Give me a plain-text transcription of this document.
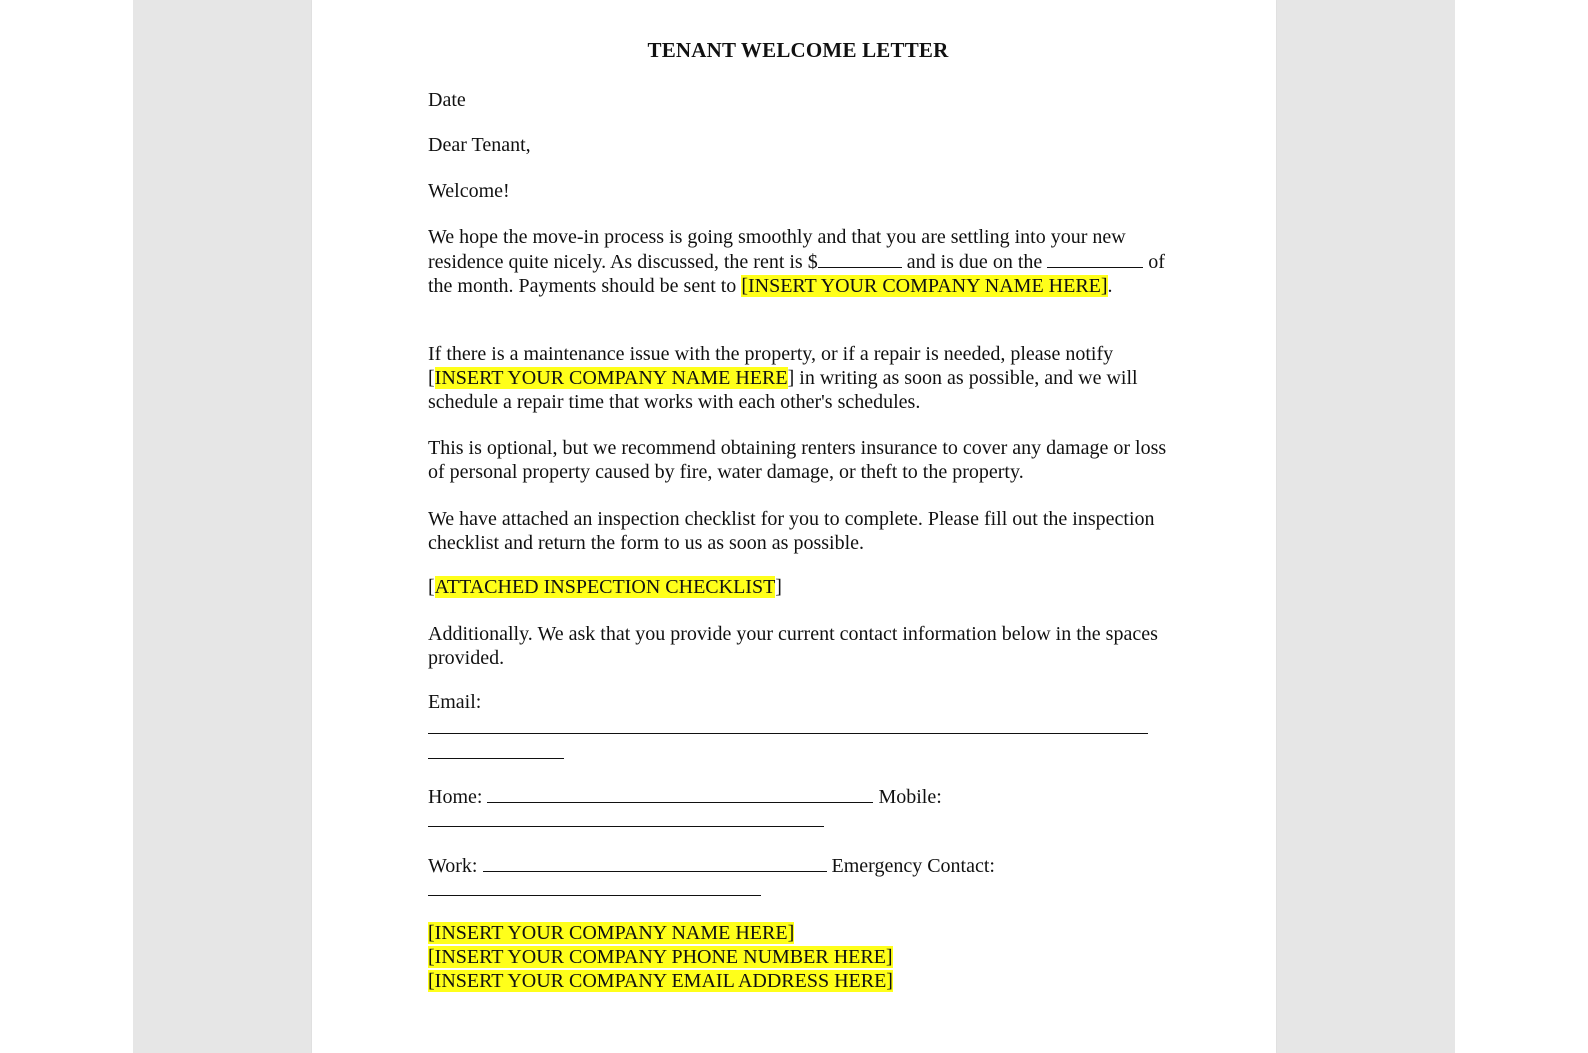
TENANT WELCOME LETTER

Date

Dear Tenant,

Welcome!

We hope the move-in process is going smoothly and that you are settling into your new residence quite nicely. As discussed, the rent is $	and is due on the	of the month. Payments should be sent to [INSERT YOUR COMPANY NAME HERE].

If there is a maintenance issue with the property, or if a repair is needed, please notify [INSERT YOUR COMPANY NAME HERE] in writing as soon as possible, and we will schedule a repair time that works with each other's schedules.

This is optional, but we recommend obtaining renters insurance to cover any damage or loss of personal property caused by fire, water damage, or theft to the property.

We have attached an inspection checklist for you to complete. Please fill out the inspection checklist and return the form to us as soon as possible.

[ATTACHED INSPECTION CHECKLIST]

Additionally. We ask that you provide your current contact information below in the spaces provided.

Email:

Home:	Mobile:

Work:	Emergency Contact:

[INSERT YOUR COMPANY NAME HERE]
[INSERT YOUR COMPANY PHONE NUMBER HERE]
[INSERT YOUR COMPANY EMAIL ADDRESS HERE]
